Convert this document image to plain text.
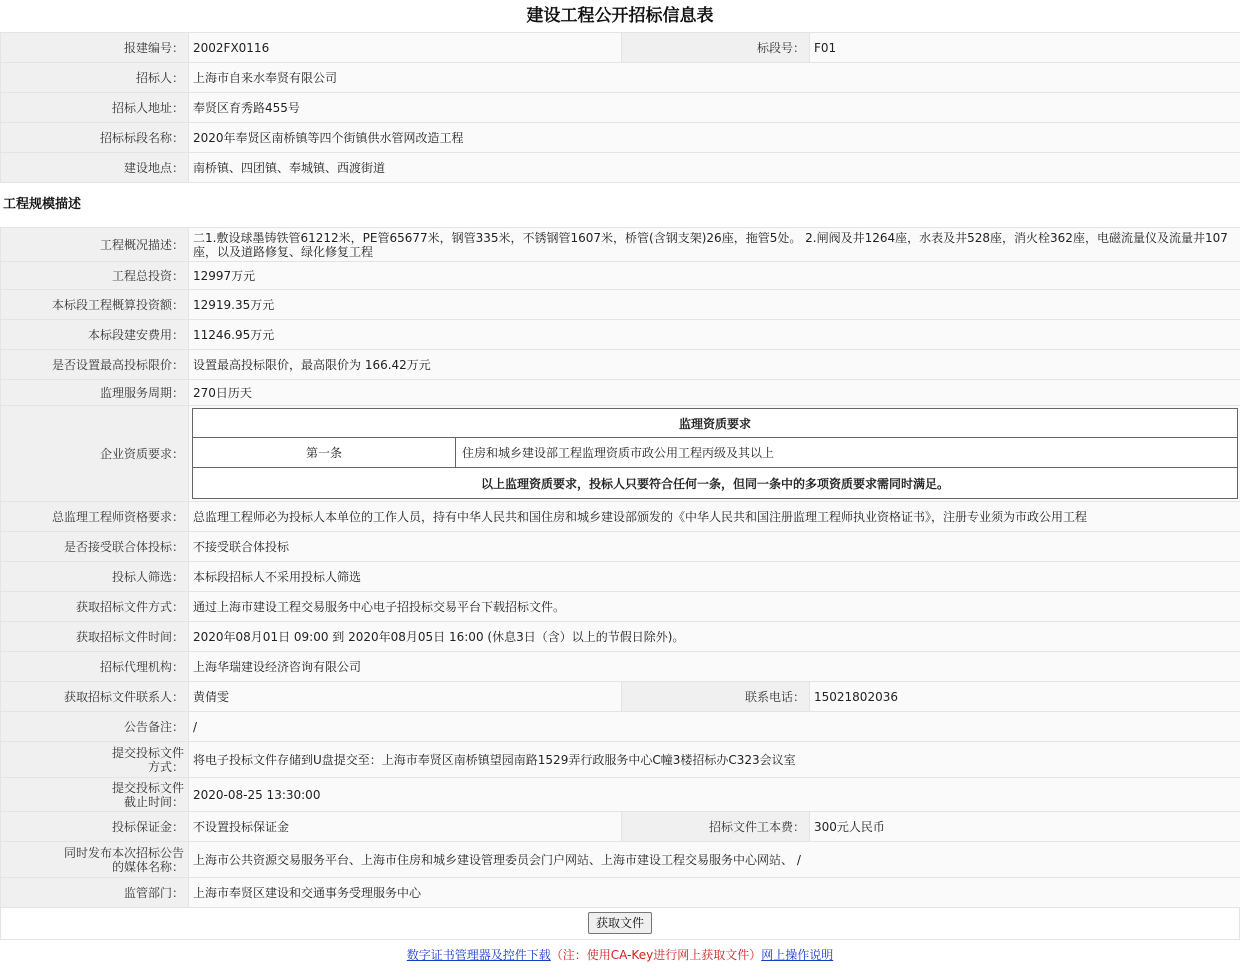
建设工程公开招标信息表
报建编号：	2002FX0116	标段号：	F01
招标人：	上海市自来水奉贤有限公司		
招标人地址：	奉贤区育秀路455号		
招标标段名称：	2020年奉贤区南桥镇等四个街镇供水管网改造工程		
建设地点：	南桥镇、四团镇、奉城镇、西渡街道		
工程规模描述
工程概况描述：	二1.敷设球墨铸铁管61212米，PE管65677米，钢管335米，不锈钢管1607米，桥管(含钢支架)26座，拖管5处。 2.闸阀及井1264座，水表及井528座，消火栓362座，电磁流量仪及流量井107座，以及道路修复、绿化修复工程
工程总投资：	12997万元
本标段工程概算投资额：	12919.35万元
本标段建安费用：	11246.95万元
是否设置最高投标限价：	设置最高投标限价，最高限价为 166.42万元
监理服务周期：	270日历天
企业资质要求：	
监理资质要求
第一条	住房和城乡建设部工程监理资质市政公用工程丙级及其以上
以上监理资质要求，投标人只要符合任何一条，但同一条中的多项资质要求需同时满足。

总监理工程师资格要求：	总监理工程师必为投标人本单位的工作人员，持有中华人民共和国住房和城乡建设部颁发的《中华人民共和国注册监理工程师执业资格证书》，注册专业须为市政公用工程
是否接受联合体投标：	不接受联合体投标
投标人筛选：	本标段招标人不采用投标人筛选
获取招标文件方式：	通过上海市建设工程交易服务中心电子招投标交易平台下载招标文件。
获取招标文件时间：	2020年08月01日 09:00 到 2020年08月05日 16:00 (休息3日（含）以上的节假日除外)。
招标代理机构：	上海华瑞建设经济咨询有限公司
获取招标文件联系人：	黄倩雯	联系电话：	15021802036
公告备注：	/

提交投标文件
方式：	将电子投标文件存储到U盘提交至：上海市奉贤区南桥镇望园南路1529弄行政服务中心C幢3楼招标办C323会议室

提交投标文件
截止时间：	2020-08-25 13:30:00
投标保证金：	不设置投标保证金	招标文件工本费：	300元人民币

同时发布本次招标公告
的媒体名称：	上海市公共资源交易服务平台、上海市住房和城乡建设管理委员会门户网站、上海市建设工程交易服务中心网站、 /
监管部门：	上海市奉贤区建设和交通事务受理服务中心
获取文件
数字证书管理器及控件下载（注：使用CA-Key进行网上获取文件）网上操作说明
